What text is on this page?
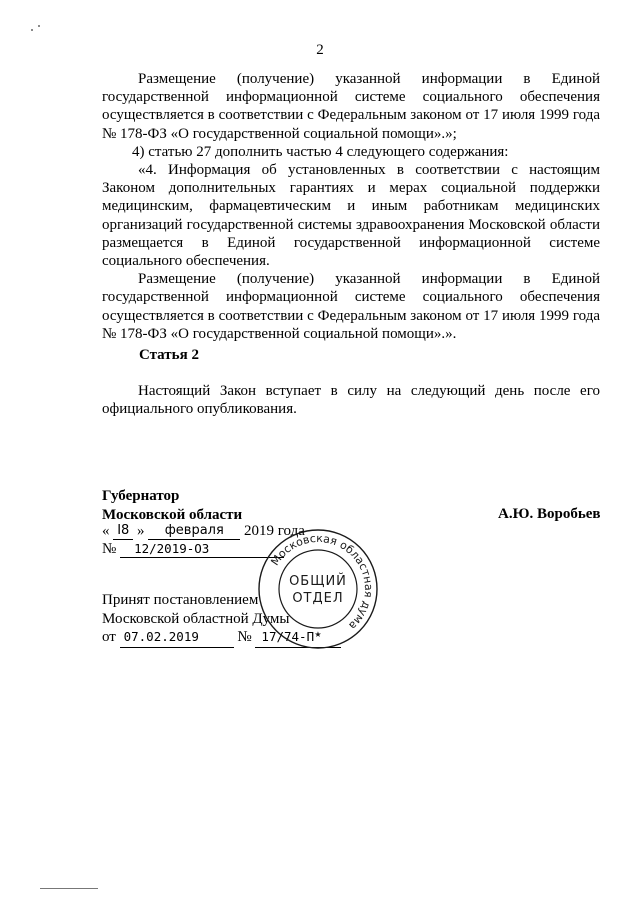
2

Размещение (получение) указанной информации в Единой государственной информационной системе социального обеспечения осуществляется в соответствии с Федеральным законом от 17 июля 1999 года № 178-ФЗ «О государственной социальной помощи».»;

4) статью 27 дополнить частью 4 следующего содержания:

«4. Информация об установленных в соответствии с настоящим Законом дополнительных гарантиях и мерах социальной поддержки медицинским, фармацевтическим и иным работникам медицинских организаций государственной системы здравоохранения Московской области размещается в Единой государственной информационной системе социального обеспечения.

Размещение (получение) указанной информации в Единой государственной информационной системе социального обеспечения осуществляется в соответствии с Федеральным законом от 17 июля 1999 года № 178-ФЗ «О государственной социальной помощи».».

Статья 2

Настоящий Закон вступает в силу на следующий день после его официального опубликования.

Губернатор
Московской области	А.Ю. Воробьев
« I8 » февраля 2019 года
№ 12/2019-ОЗ
Принят постановлением
Московской областной Думы
от 07.02.2019	№ 17/74-П
Московская областная дума
ОБЩИЙ
ОТДЕЛ
★
